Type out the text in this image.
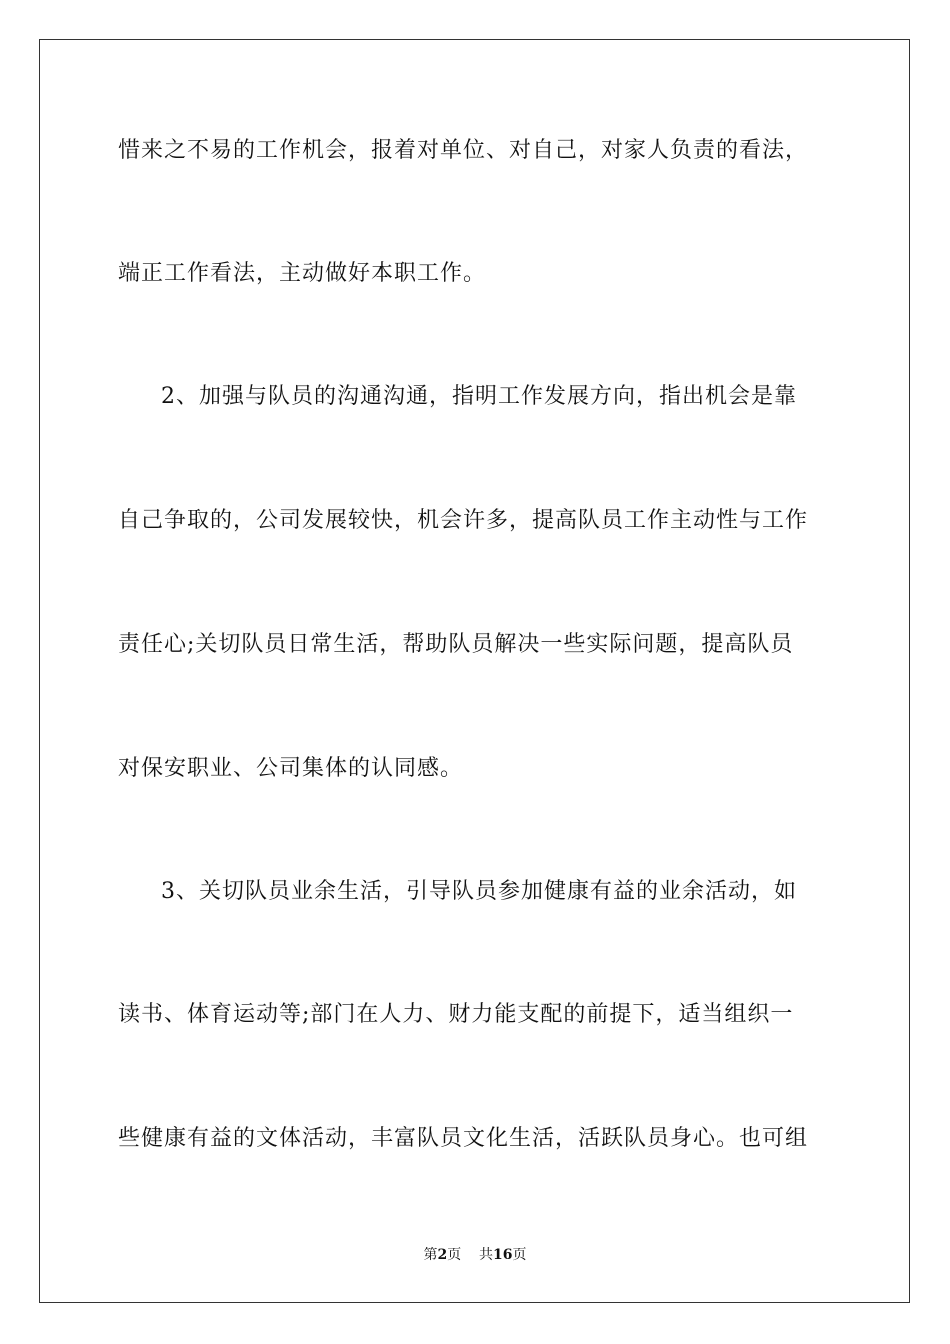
惜来之不易的工作机会，报着对单位、对自己，对家人负责的看法，
端正工作看法，主动做好本职工作。
2、加强与队员的沟通沟通，指明工作发展方向，指出机会是靠
自己争取的，公司发展较快，机会许多，提高队员工作主动性与工作
责任心;关切队员日常生活，帮助队员解决一些实际问题，提高队员
对保安职业、公司集体的认同感。
3、关切队员业余生活，引导队员参加健康有益的业余活动，如
读书、体育运动等;部门在人力、财力能支配的前提下，适当组织一
些健康有益的文体活动，丰富队员文化生活，活跃队员身心。也可组
第2页 共16页
